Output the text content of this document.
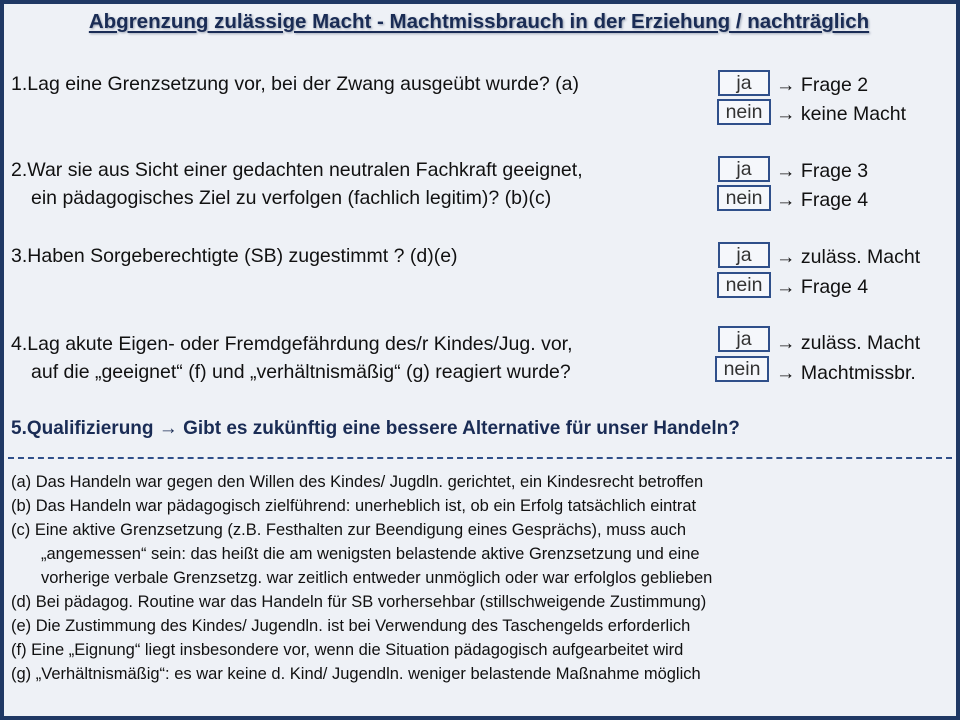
Abgrenzung zulässige Macht - Machtmissbrauch in der Erziehung / nachträglich
1.Lag eine Grenzsetzung vor, bei der Zwang ausgeübt wurde? (a)	ja
nein
→ Frage 2
→ keine Macht
2.War sie aus Sicht einer gedachten neutralen Fachkraft geeignet,
ein pädagogisches Ziel zu verfolgen (fachlich legitim)? (b)(c)
ja
nein
→ Frage 3
→ Frage 4
3.Haben Sorgeberechtigte (SB) zugestimmt ? (d)(e)	ja
nein
→ zuläss. Macht
→ Frage 4
4.Lag akute Eigen- oder Fremdgefährdung des/r Kindes/Jug. vor,
auf die „geeignet“ (f) und „verhältnismäßig“ (g) reagiert wurde?
ja
nein
→ zuläss. Macht
→ Machtmissbr.
5.Qualifizierung → Gibt es zukünftig eine bessere Alternative für unser Handeln?
(a) Das Handeln war gegen den Willen des Kindes/ Jugdln. gerichtet, ein Kindesrecht betroffen
(b) Das Handeln war pädagogisch zielführend: unerheblich ist, ob ein Erfolg tatsächlich eintrat
(c) Eine aktive Grenzsetzung (z.B. Festhalten zur Beendigung eines Gesprächs), muss auch
„angemessen“ sein: das heißt die am wenigsten belastende aktive Grenzsetzung und eine
vorherige verbale Grenzsetzg. war zeitlich entweder unmöglich oder war erfolglos geblieben
(d) Bei pädagog. Routine war das Handeln für SB vorhersehbar (stillschweigende Zustimmung)
(e) Die Zustimmung des Kindes/ Jugendln. ist bei Verwendung des Taschengelds erforderlich
(f) Eine „Eignung“ liegt insbesondere vor, wenn die Situation pädagogisch aufgearbeitet wird
(g) „Verhältnismäßig“: es war keine d. Kind/ Jugendln. weniger belastende Maßnahme möglich
